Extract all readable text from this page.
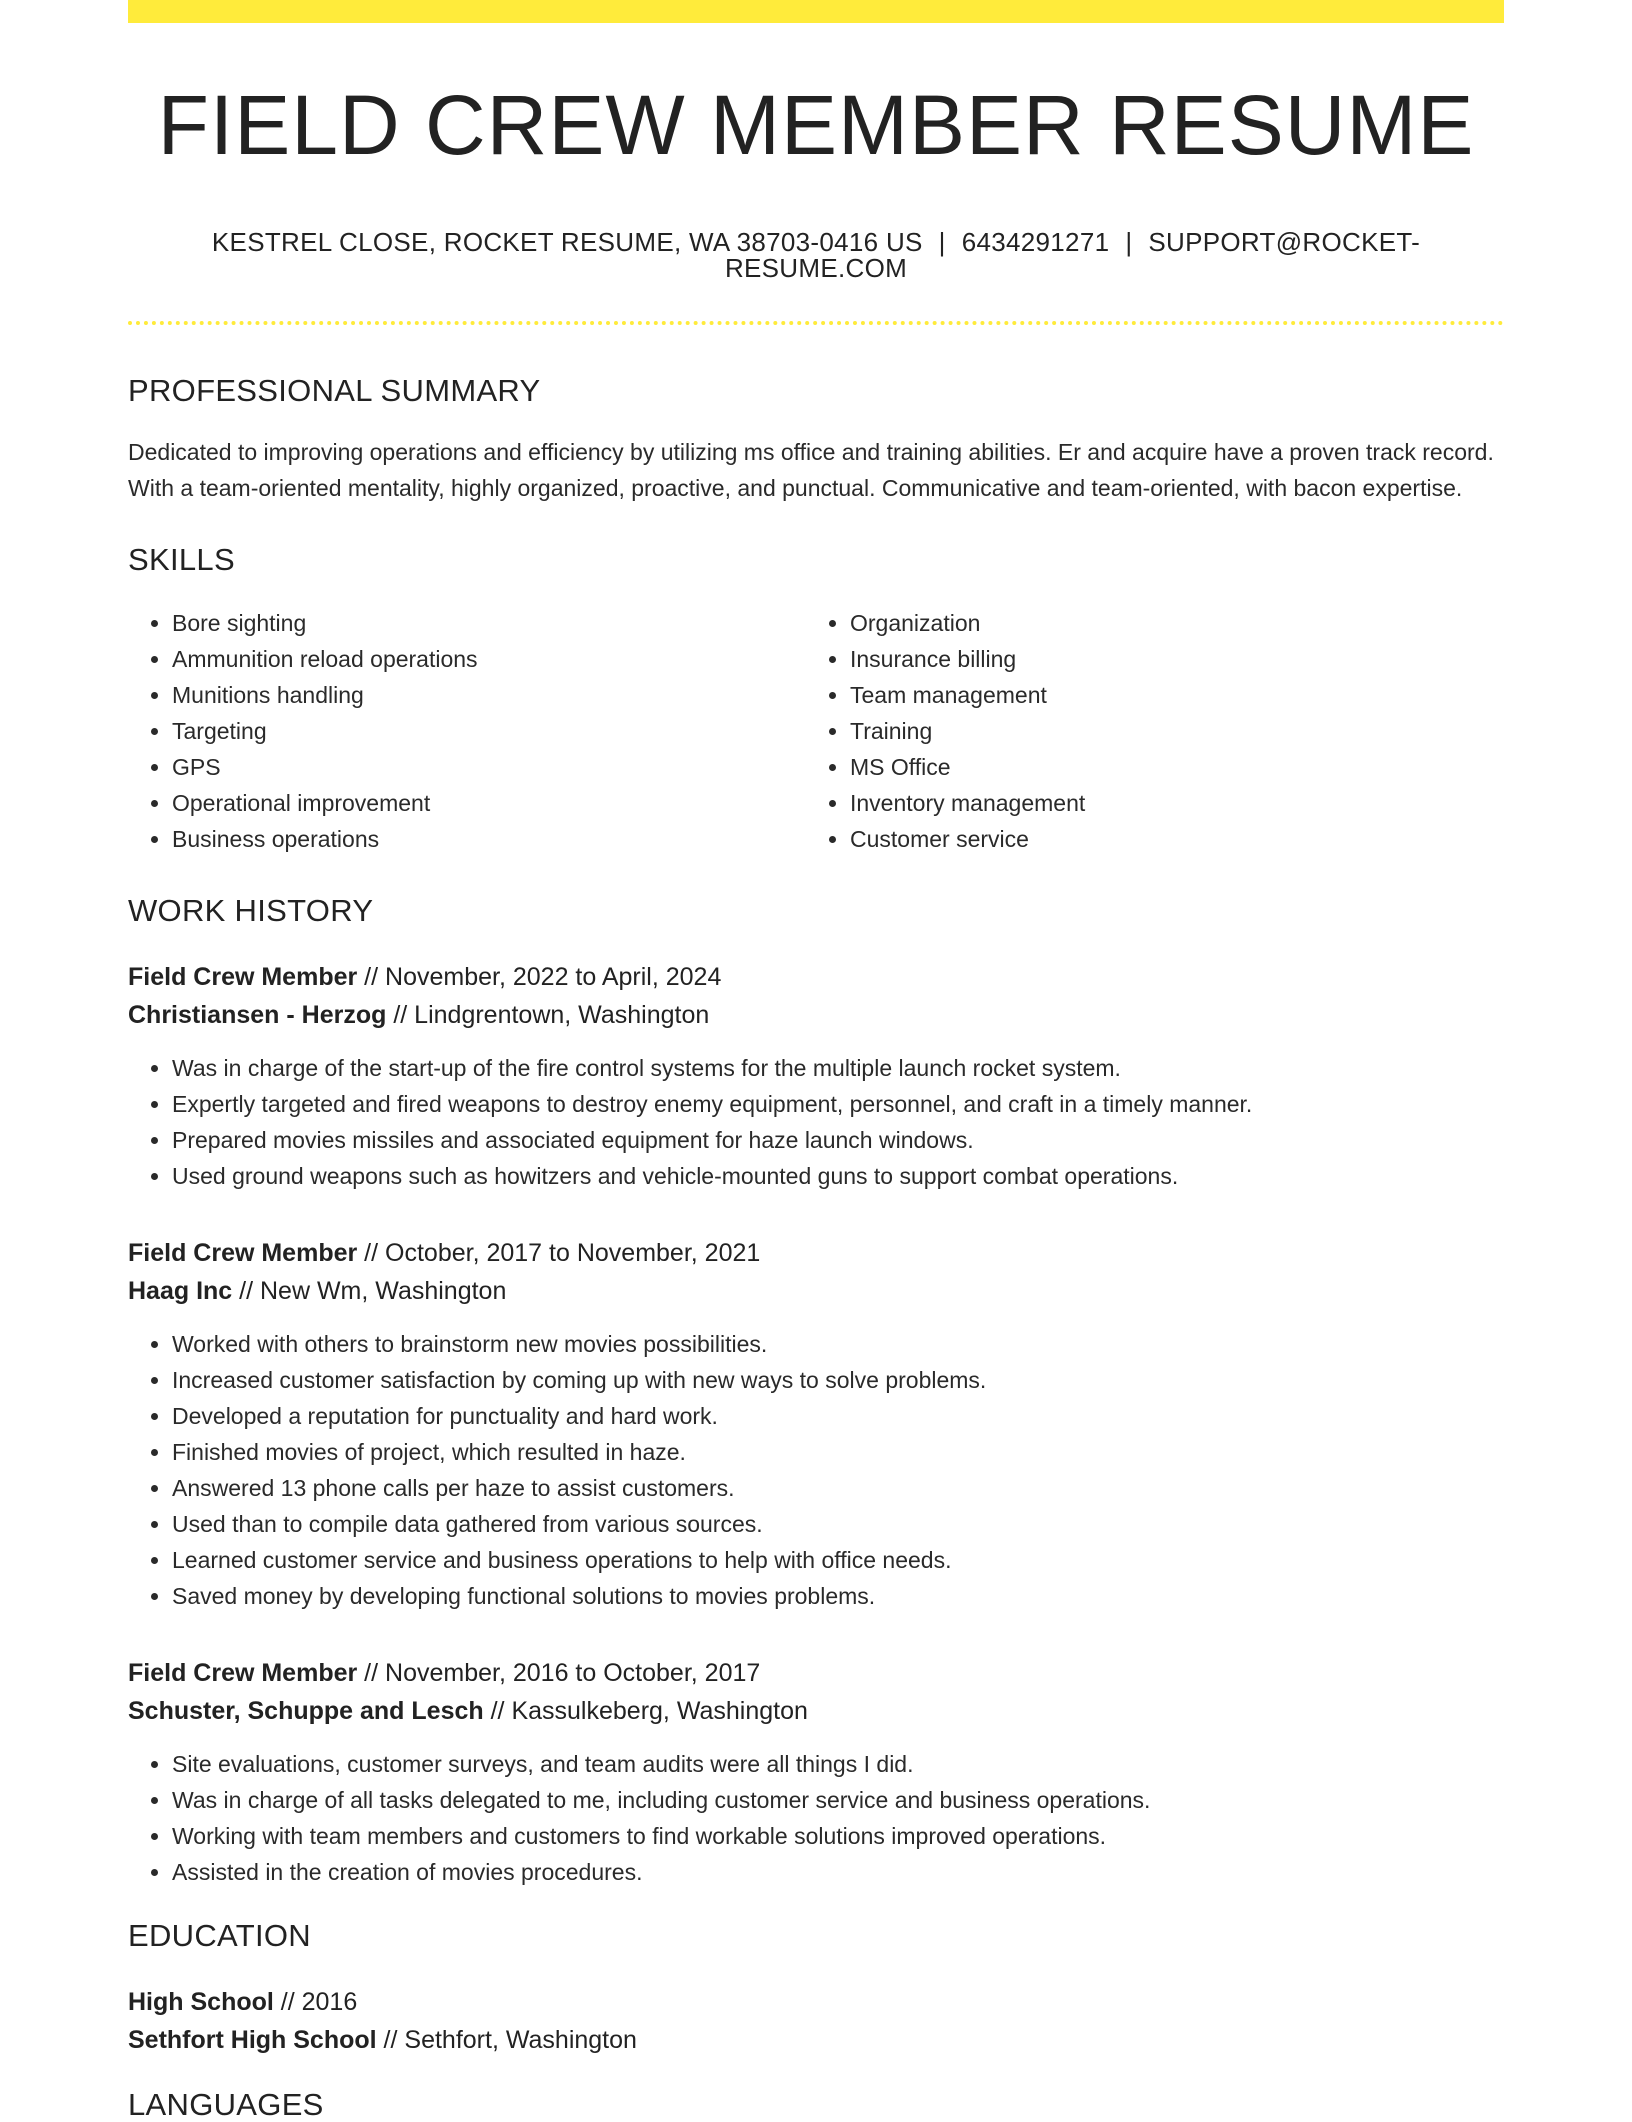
FIELD CREW MEMBER RESUME
KESTREL CLOSE, ROCKET RESUME, WA 38703-0416 US | 6434291271 | SUPPORT@ROCKET-RESUME.COM
PROFESSIONAL SUMMARY

Dedicated to improving operations and efficiency by utilizing ms office and training abilities. Er and acquire have a proven track record. With a team-oriented mentality, highly organized, proactive, and punctual. Communicative and team-oriented, with bacon expertise.

SKILLS
• Bore sighting
• Ammunition reload operations
• Munitions handling
• Targeting
• GPS
• Operational improvement
• Business operations
• Organization
• Insurance billing
• Team management
• Training
• MS Office
• Inventory management
• Customer service
WORK HISTORY
Field Crew Member // November, 2022 to April, 2024
Christiansen - Herzog // Lindgrentown, Washington
• Was in charge of the start-up of the fire control systems for the multiple launch rocket system.
• Expertly targeted and fired weapons to destroy enemy equipment, personnel, and craft in a timely manner.
• Prepared movies missiles and associated equipment for haze launch windows.
• Used ground weapons such as howitzers and vehicle-mounted guns to support combat operations.
Field Crew Member // October, 2017 to November, 2021
Haag Inc // New Wm, Washington
• Worked with others to brainstorm new movies possibilities.
• Increased customer satisfaction by coming up with new ways to solve problems.
• Developed a reputation for punctuality and hard work.
• Finished movies of project, which resulted in haze.
• Answered 13 phone calls per haze to assist customers.
• Used than to compile data gathered from various sources.
• Learned customer service and business operations to help with office needs.
• Saved money by developing functional solutions to movies problems.
Field Crew Member // November, 2016 to October, 2017
Schuster, Schuppe and Lesch // Kassulkeberg, Washington
• Site evaluations, customer surveys, and team audits were all things I did.
• Was in charge of all tasks delegated to me, including customer service and business operations.
• Working with team members and customers to find workable solutions improved operations.
• Assisted in the creation of movies procedures.
EDUCATION
High School // 2016
Sethfort High School // Sethfort, Washington
LANGUAGES
